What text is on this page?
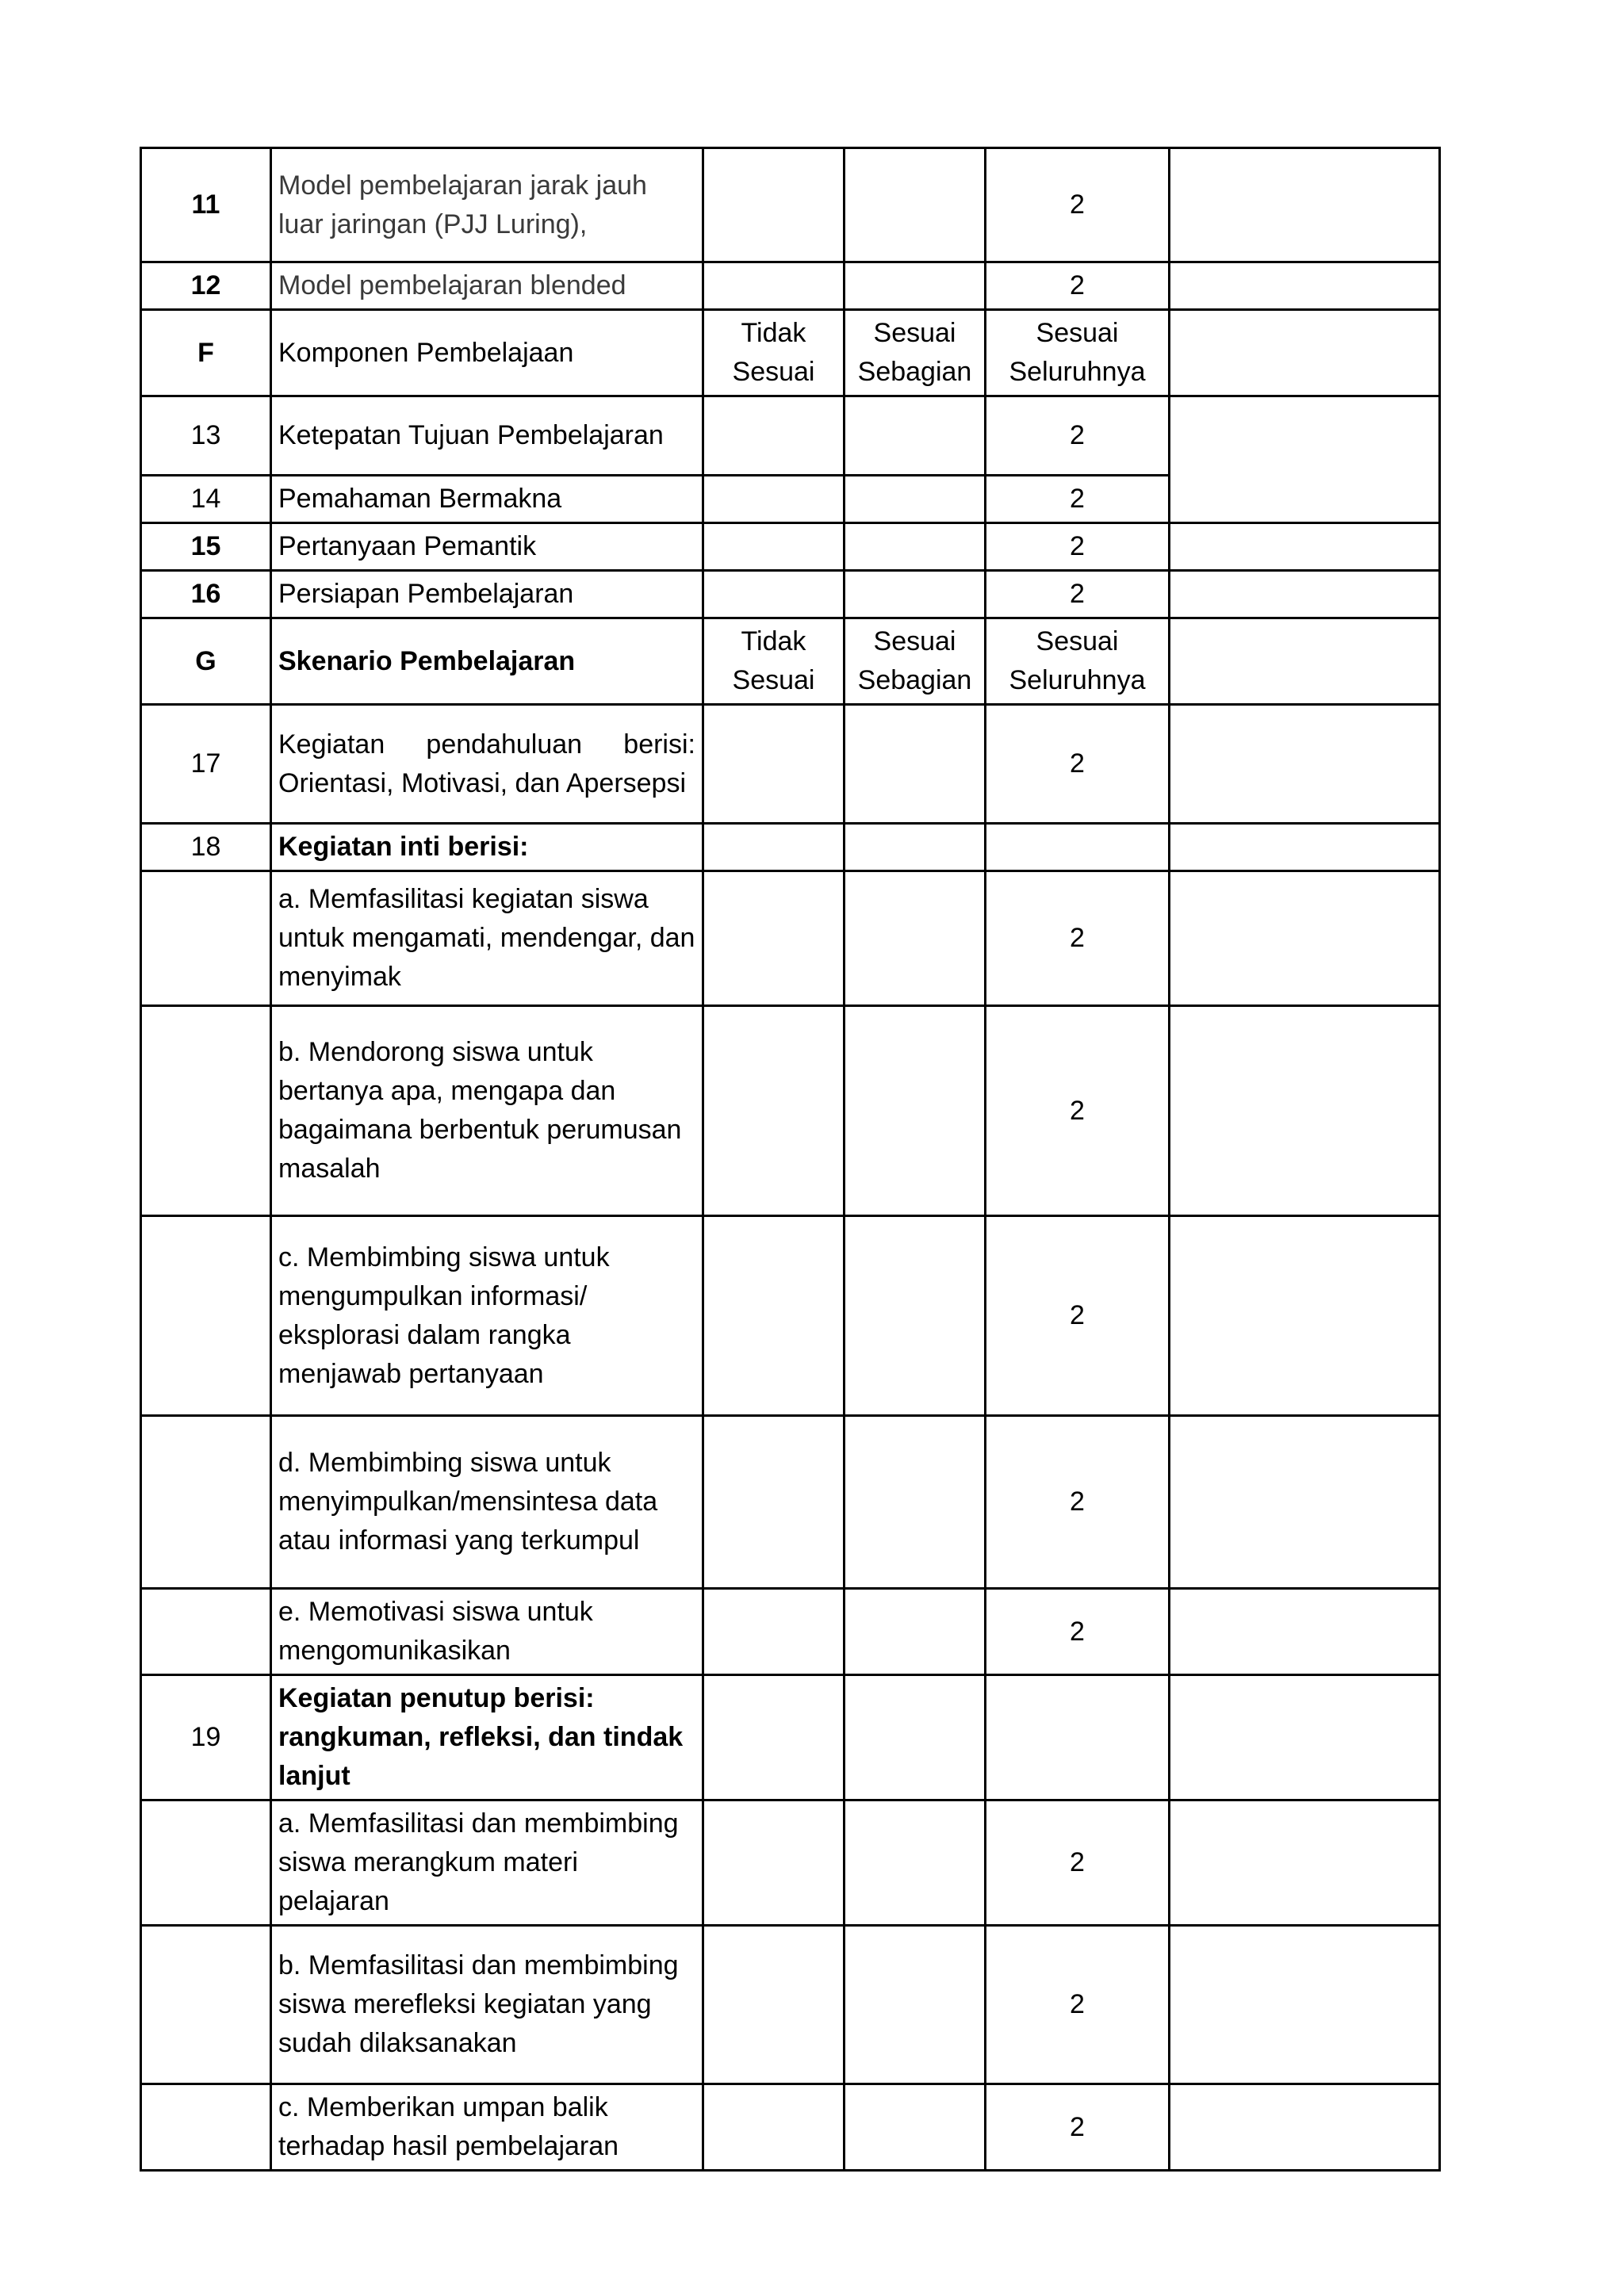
11	Model pembelajaran jarak jauh luar jaringan (PJJ Luring),			2	
12	Model pembelajaran blended			2	
F	Komponen Pembelajaan	Tidak Sesuai	Sesuai Sebagian	Sesuai Seluruhnya	
13	Ketepatan Tujuan Pembelajaran			2	
14	Pemahaman Bermakna			2	
15	Pertanyaan Pemantik			2	
16	Persiapan Pembelajaran			2	
G	Skenario Pembelajaran	Tidak Sesuai	Sesuai Sebagian	Sesuai Seluruhnya	
17	Kegiatan pendahuluan berisi: Orientasi, Motivasi, dan Apersepsi			2	
18	Kegiatan inti berisi:				
	a. Memfasilitasi kegiatan siswa untuk mengamati, mendengar, dan menyimak			2	
	b. Mendorong siswa untuk bertanya apa, mengapa dan bagaimana berbentuk perumusan masalah			2	
	c. Membimbing siswa untuk mengumpulkan informasi/ eksplorasi dalam rangka menjawab pertanyaan			2	
	d. Membimbing siswa untuk menyimpulkan/mensintesa data atau informasi yang terkumpul			2	
	e. Memotivasi siswa untuk mengomunikasikan			2	
19	Kegiatan penutup berisi: rangkuman, refleksi, dan tindak lanjut				
	a. Memfasilitasi dan membimbing siswa merangkum materi pelajaran			2	
	b. Memfasilitasi dan membimbing siswa merefleksi kegiatan yang sudah dilaksanakan			2	
	c. Memberikan umpan balik terhadap hasil pembelajaran			2	
